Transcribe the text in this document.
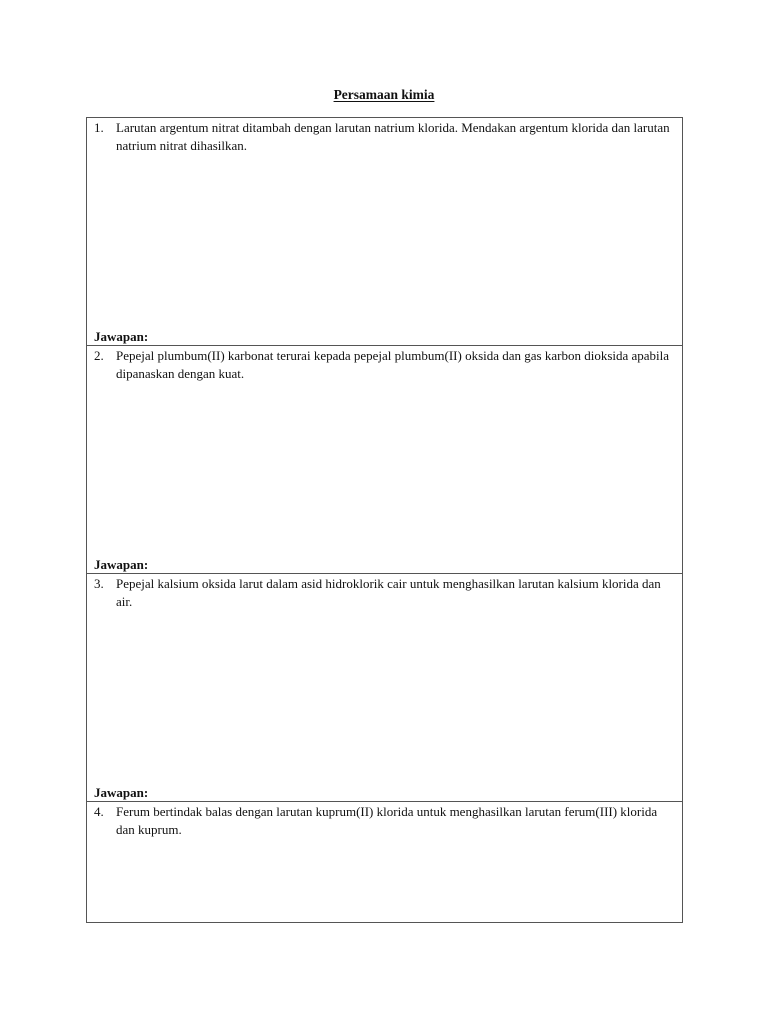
Persamaan kimia
1. Larutan argentum nitrat ditambah dengan larutan natrium klorida. Mendakan argentum klorida dan larutan natrium nitrat dihasilkan.
Jawapan:
2. Pepejal plumbum(II) karbonat terurai kepada pepejal plumbum(II) oksida dan gas karbon dioksida apabila dipanaskan dengan kuat.
Jawapan:
3. Pepejal kalsium oksida larut dalam asid hidroklorik cair untuk menghasilkan larutan kalsium klorida dan air.
Jawapan:
4. Ferum bertindak balas dengan larutan kuprum(II) klorida untuk menghasilkan larutan ferum(III) klorida dan kuprum.
